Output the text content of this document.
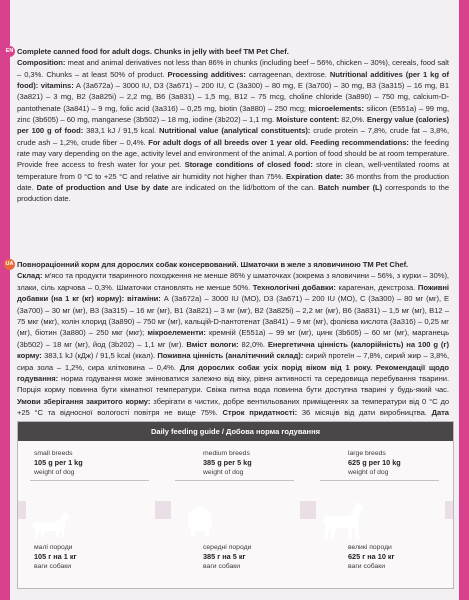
EN Complete canned food for adult dogs. Chunks in jelly with beef TM Pet Chef.
Composition: meat and animal derivatives not less than 86% in chunks (including beef – 56%, chicken – 30%), cereals, food salt – 0,3%. Chunks – at least 50% of product. Processing additives: carrageenan, dextrose. Nutritional additives (per 1 kg of food): vitamins: A (3a672a) – 3000 IU, D3 (3a671) – 200 IU, C (3a300) – 80 mg, E (3a700) – 30 mg, B3 (3a315) – 16 mg, B1 (3a821) – 3 mg, B2 (3a825i) – 2,2 mg, B6 (3a831) – 1,5 mg, B12 – 75 mcg, choline chloride (3a890) – 750 mg, calcium-D-pantothenate (3a841) – 9 mg, folic acid (3a316) – 0,25 mg, biotin (3a880) – 250 mcg; microelements: silicon (E551a) – 99 mg, zinc (3b605) – 60 mg, manganese (3b502) – 18 mg, iodine (3b202) – 1,1 mg. Moisture content: 82,0%. Energy value (calories) per 100 g of food: 383,1 kJ / 91,5 kcal. Nutritional value (analytical constituents): crude protein – 7,8%, crude fat – 3,8%, crude ash – 1,2%, crude fiber – 0,4%. For adult dogs of all breeds over 1 year old. Feeding recommendations: the feeding rate may vary depending on the age, activity level and environment of the animal. A portion of food should be at room temperature. Provide free access to fresh water for your pet. Storage conditions of closed food: store in clean, well-ventilated rooms at temperature from 0 °C to +25 °C and relative air humidity not higher than 75%. Expiration date: 36 months from the production date. Date of production and Use by date are indicated on the lid/bottom of the can. Batch number (L) corresponds to the production date.

UA Повнораціонний корм для дорослих собак консервований. Шматочки в желе з яловичиною ТМ Pet Chef.
Склад: м'ясо та продукти тваринного походження не менше 86% у шматочках (зокрема з яловичини – 56%, з курки – 30%), злаки, сіль харчова – 0,3%. Шматочки становлять не менше 50%. Технологічні добавки: карагенан, декстроза. Поживні добавки (на 1 кг (кг) корму): вітаміни: А (3а672а) – 3000 IU (МО), D3 (3а671) – 200 IU (МО), С (3а300) – 80 мг (мг), Е (3а700) – 30 мг (мг), В3 (3а315) – 16 мг (мг), В1 (3а821) – 3 мг (мг), В2 (3а825і) – 2,2 мг (мг), В6 (3а831) – 1,5 мг (мг), В12 – 75 мкг (мкг), холін хлорид (3а890) – 750 мг (мг), кальцій-D-пантотенат (3а841) – 9 мг (мг), фолієва кислота (3а316) – 0,25 мг (мг), біотин (3а880) – 250 мкг (мкг); мікроелементи: кремній (Е551а) – 99 мг (мг), цинк (3b605) – 60 мг (мг), марганець (3b502) – 18 мг (мг), йод (3b202) – 1,1 мг (мг). Вміст вологи: 82,0%. Енергетична цінність (калорійність) на 100 g (г) корму: 383,1 kJ (кДж) / 91,5 kcal (ккал). Поживна цінність (аналітичний склад): сирий протеїн – 7,8%, сирий жир – 3,8%, сира зола – 1,2%, сира клітковина – 0,4%. Для дорослих собак усіх порід віком від 1 року. Рекомендації щодо годування: норма годування може змінюватися залежно від віку, рівня активності та середовища перебування тварини. Порція корму повинна бути кімнатної температури. Свіжа питна вода повинна бути доступна тварині у будь-який час. Умови зберігання закритого корму: зберігати в чистих, добре вентильованих приміщеннях за температури від 0 °С до +25 °С та відносної вологості повітря не вище 75%. Строк придатності: 36 місяців від дати виробництва. Дата

Daily feeding guide / Добова норма годування
small breeds
105 g per 1 kg
weight of dog
малі породи
105 г на 1 кг
ваги собаки
medium breeds
385 g per 5 kg
weight of dog
середні породи
385 г на 5 кг
ваги собаки
large breeds
625 g per 10 kg
weight of dog
великі породи
625 г на 10 кг
ваги собаки
